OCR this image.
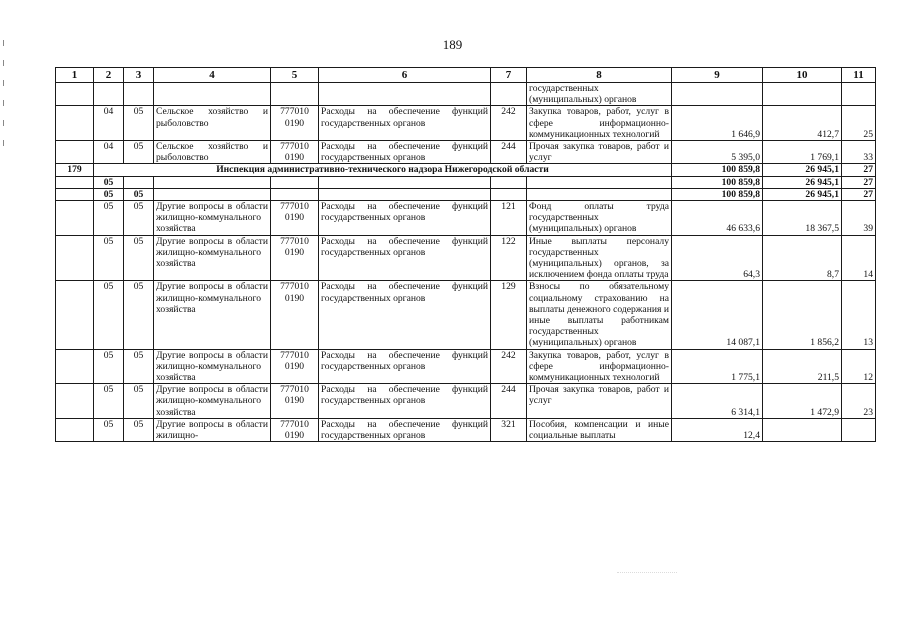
189
1	2	3	4	5	6	7	8	9	10	11
							государственных (муниципальных) органов			
	04	05	Сельское хозяйство и рыболовство	777010 0190	Расходы на обеспечение функций государственных органов	242	Закупка товаров, работ, услуг в сфере информационно-коммуникационных технологий	1 646,9	412,7	25
	04	05	Сельское хозяйство и рыболовство	777010 0190	Расходы на обеспечение функций государственных органов	244	Прочая закупка товаров, работ и услуг	5 395,0	1 769,1	33
179	Инспекция административно-технического надзора Нижегородской области							100 859,8	26 945,1	27
	05							100 859,8	26 945,1	27
	05	05						100 859,8	26 945,1	27
	05	05	Другие вопросы в области жилищно-коммунального хозяйства	777010 0190	Расходы на обеспечение функций государственных органов	121	Фонд оплаты труда государственных (муниципальных) органов	46 633,6	18 367,5	39
	05	05	Другие вопросы в области жилищно-коммунального хозяйства	777010 0190	Расходы на обеспечение функций государственных органов	122	Иные выплаты персоналу государственных (муниципальных) органов, за исключением фонда оплаты труда	64,3	8,7	14
	05	05	Другие вопросы в области жилищно-коммунального хозяйства	777010 0190	Расходы на обеспечение функций государственных органов	129	Взносы по обязательному социальному страхованию на выплаты денежного содержания и иные выплаты работникам государственных (муниципальных) органов	14 087,1	1 856,2	13
	05	05	Другие вопросы в области жилищно-коммунального хозяйства	777010 0190	Расходы на обеспечение функций государственных органов	242	Закупка товаров, работ, услуг в сфере информационно-коммуникационных технологий	1 775,1	211,5	12
	05	05	Другие вопросы в области жилищно-коммунального хозяйства	777010 0190	Расходы на обеспечение функций государственных органов	244	Прочая закупка товаров, работ и услуг	6 314,1	1 472,9	23
	05	05	Другие вопросы в области жилищно-	777010 0190	Расходы на обеспечение функций государственных органов	321	Пособия, компенсации и иные социальные выплаты	12,4		
